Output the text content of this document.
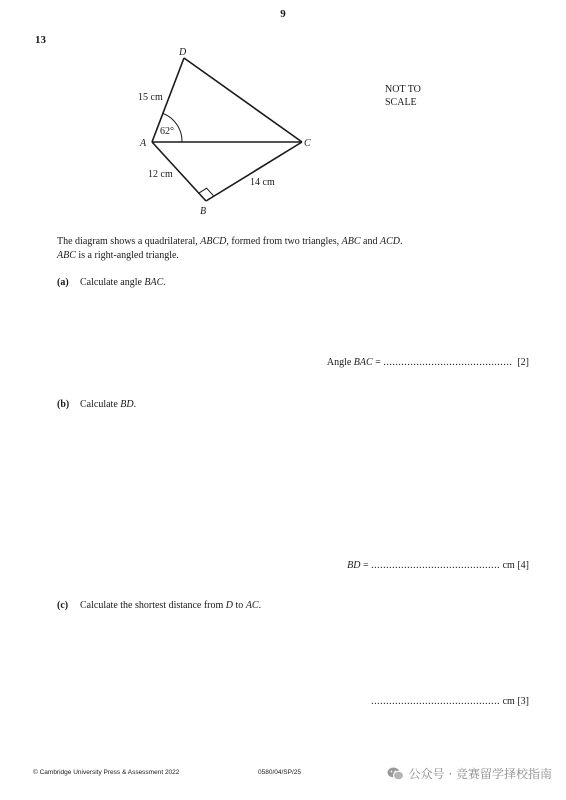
9
13
D
A	C
B
15 cm
62°
12 cm
14 cm
NOT TO
SCALE
The diagram shows a quadrilateral, ABCD, formed from two triangles, ABC and ACD.
ABC is a right-angled triangle.
(a) Calculate angle BAC.
Angle BAC = ........................................... [2]
(b) Calculate BD.
BD = ........................................... cm [4]
(c) Calculate the shortest distance from D to AC.
........................................... cm [3]
© Cambridge University Press & Assessment 2022	0580/04/SP/25	公众号 · 竞赛留学择校指南
